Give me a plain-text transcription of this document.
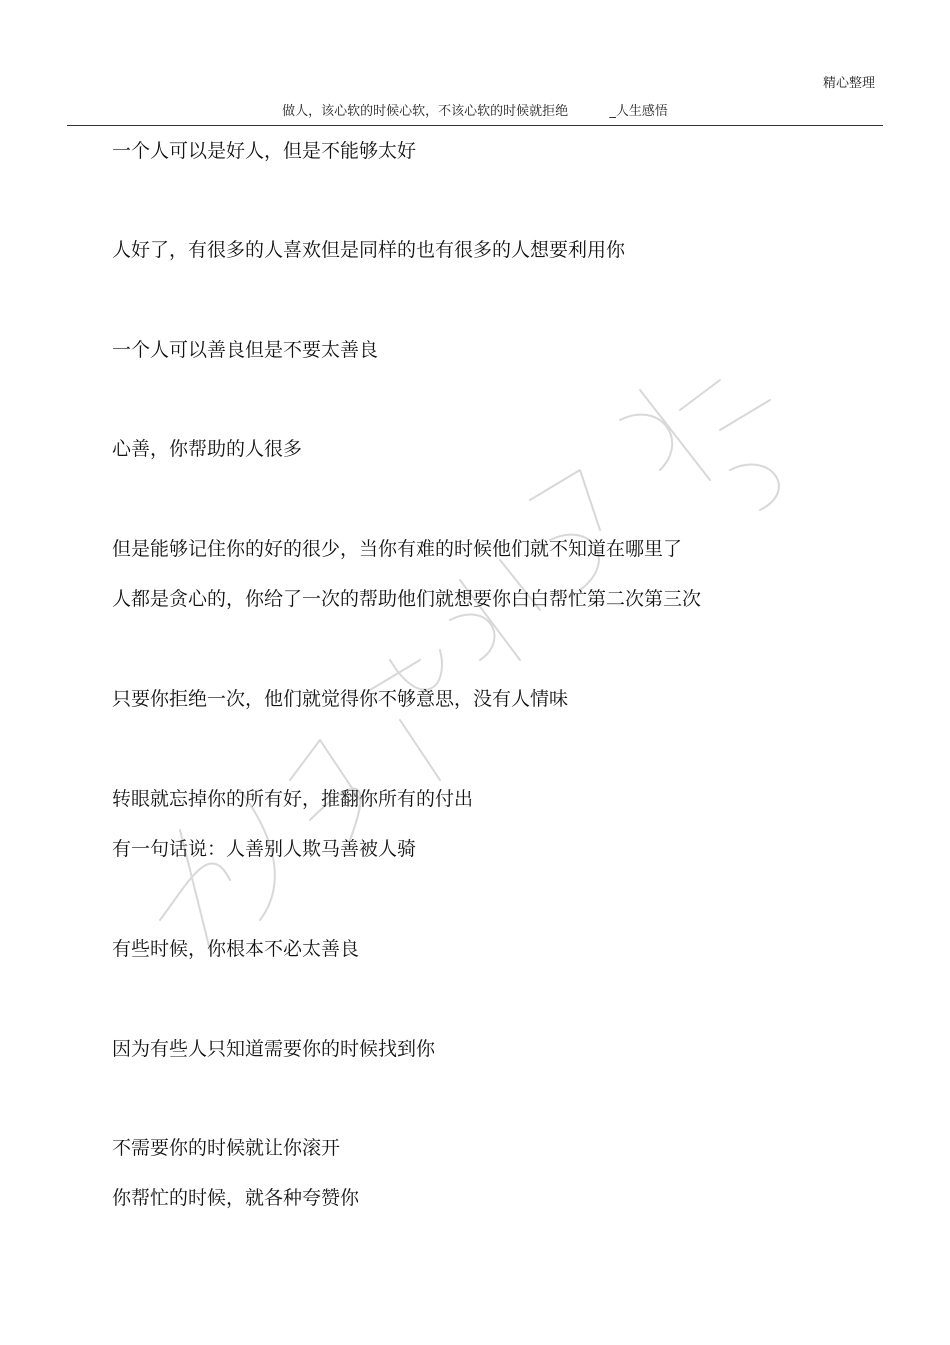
精心整理
做人，该心软的时候心软，不该心软的时候就拒绝          _人生感悟
一个人可以是好人，但是不能够太好
人好了，有很多的人喜欢但是同样的也有很多的人想要利用你
一个人可以善良但是不要太善良
心善，你帮助的人很多
但是能够记住你的好的很少，当你有难的时候他们就不知道在哪里了
人都是贪心的，你给了一次的帮助他们就想要你白白帮忙第二次第三次
只要你拒绝一次，他们就觉得你不够意思，没有人情味
转眼就忘掉你的所有好，推翻你所有的付出
有一句话说：人善别人欺马善被人骑
有些时候，你根本不必太善良
因为有些人只知道需要你的时候找到你
不需要你的时候就让你滚开
你帮忙的时候，就各种夸赞你
